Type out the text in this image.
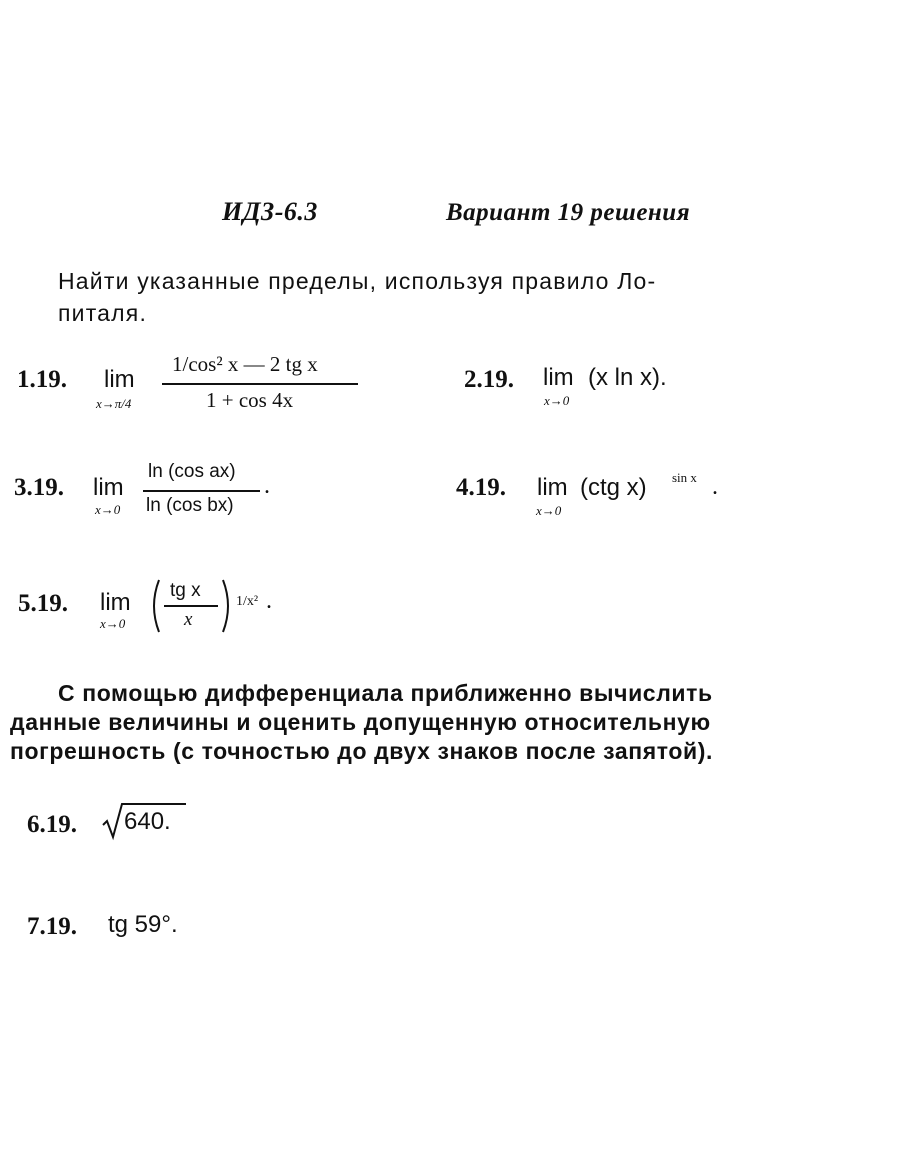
ИДЗ-6.3	Вариант 19 решения
Найти указанные пределы, используя правило Ло-
питаля.
1.19. lim
x→π/4
1/cos² x — 2 tg x
1 + cos 4x
2.19. lim
x→0
(x ln x).
3.19. lim
x→0
ln (cos ax)
ln (cos bx)
.	4.19. lim
x→0
(ctg x) sin x .
5.19. lim
x→0
tg x
x
1/x² .
С помощью дифференциала приближенно вычислить
данные величины и оценить допущенную относительную
погрешность (с точностью до двух знаков после запятой).
6.19. 640.
7.19. tg 59°.
